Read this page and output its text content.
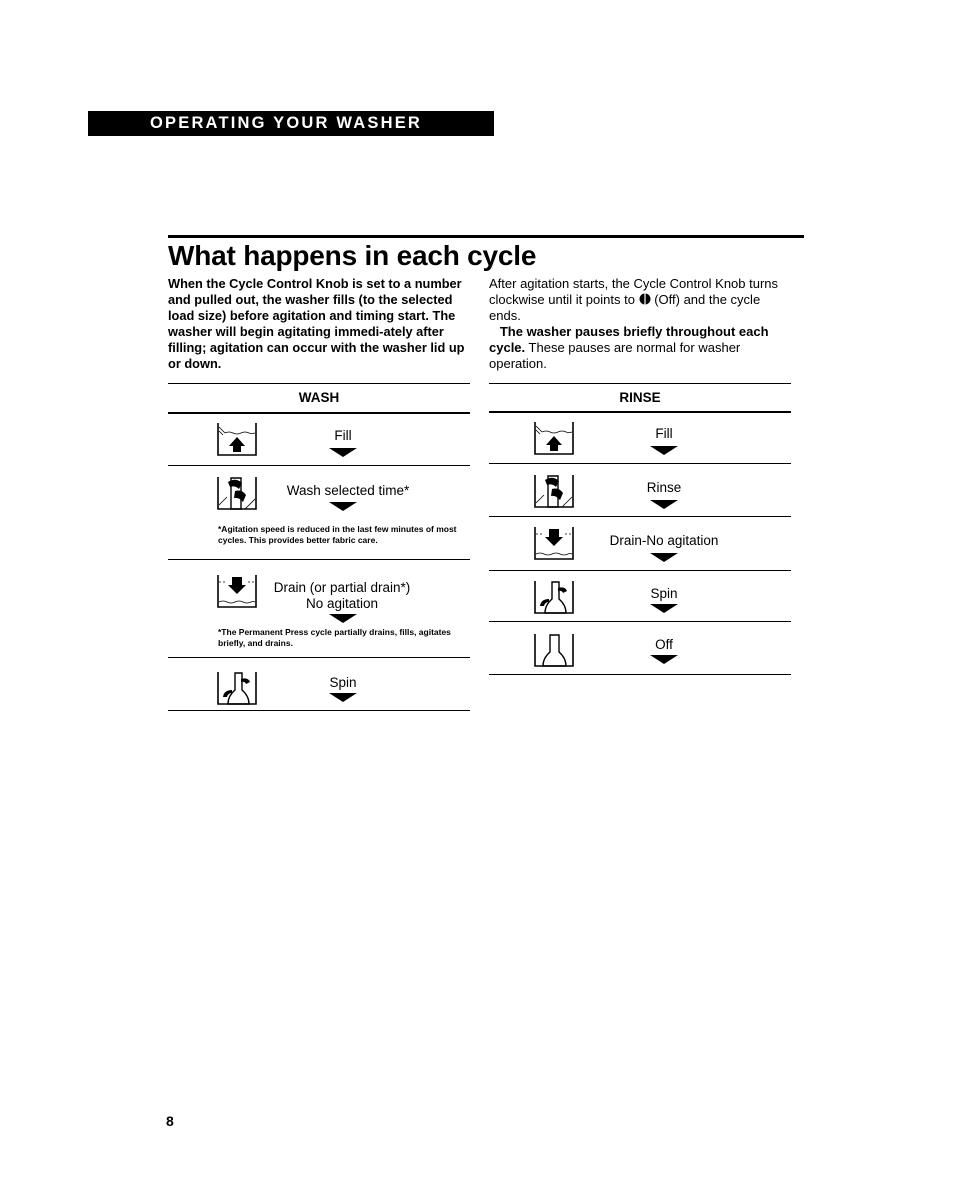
OPERATING YOUR WASHER
What happens in each cycle

When the Cycle Control Knob is set to a number and pulled out, the washer fills (to the selected load size) before agitation and timing start. The washer will begin agitating immedi-ately after filling; agitation can occur with the washer lid up or down.

After agitation starts, the Cycle Control Knob turns clockwise until it points to (Off) and the cycle ends.
The washer pauses briefly throughout each cycle. These pauses are normal for washer operation.

WASH
Fill
Wash selected time*

*Agitation speed is reduced in the last few minutes of most cycles. This provides better fabric care.

Drain (or partial drain*)
No agitation

*The Permanent Press cycle partially drains, fills, agitates briefly, and drains.

Spin
RINSE
Fill
Rinse
Drain-No agitation
Spin
Off
8
